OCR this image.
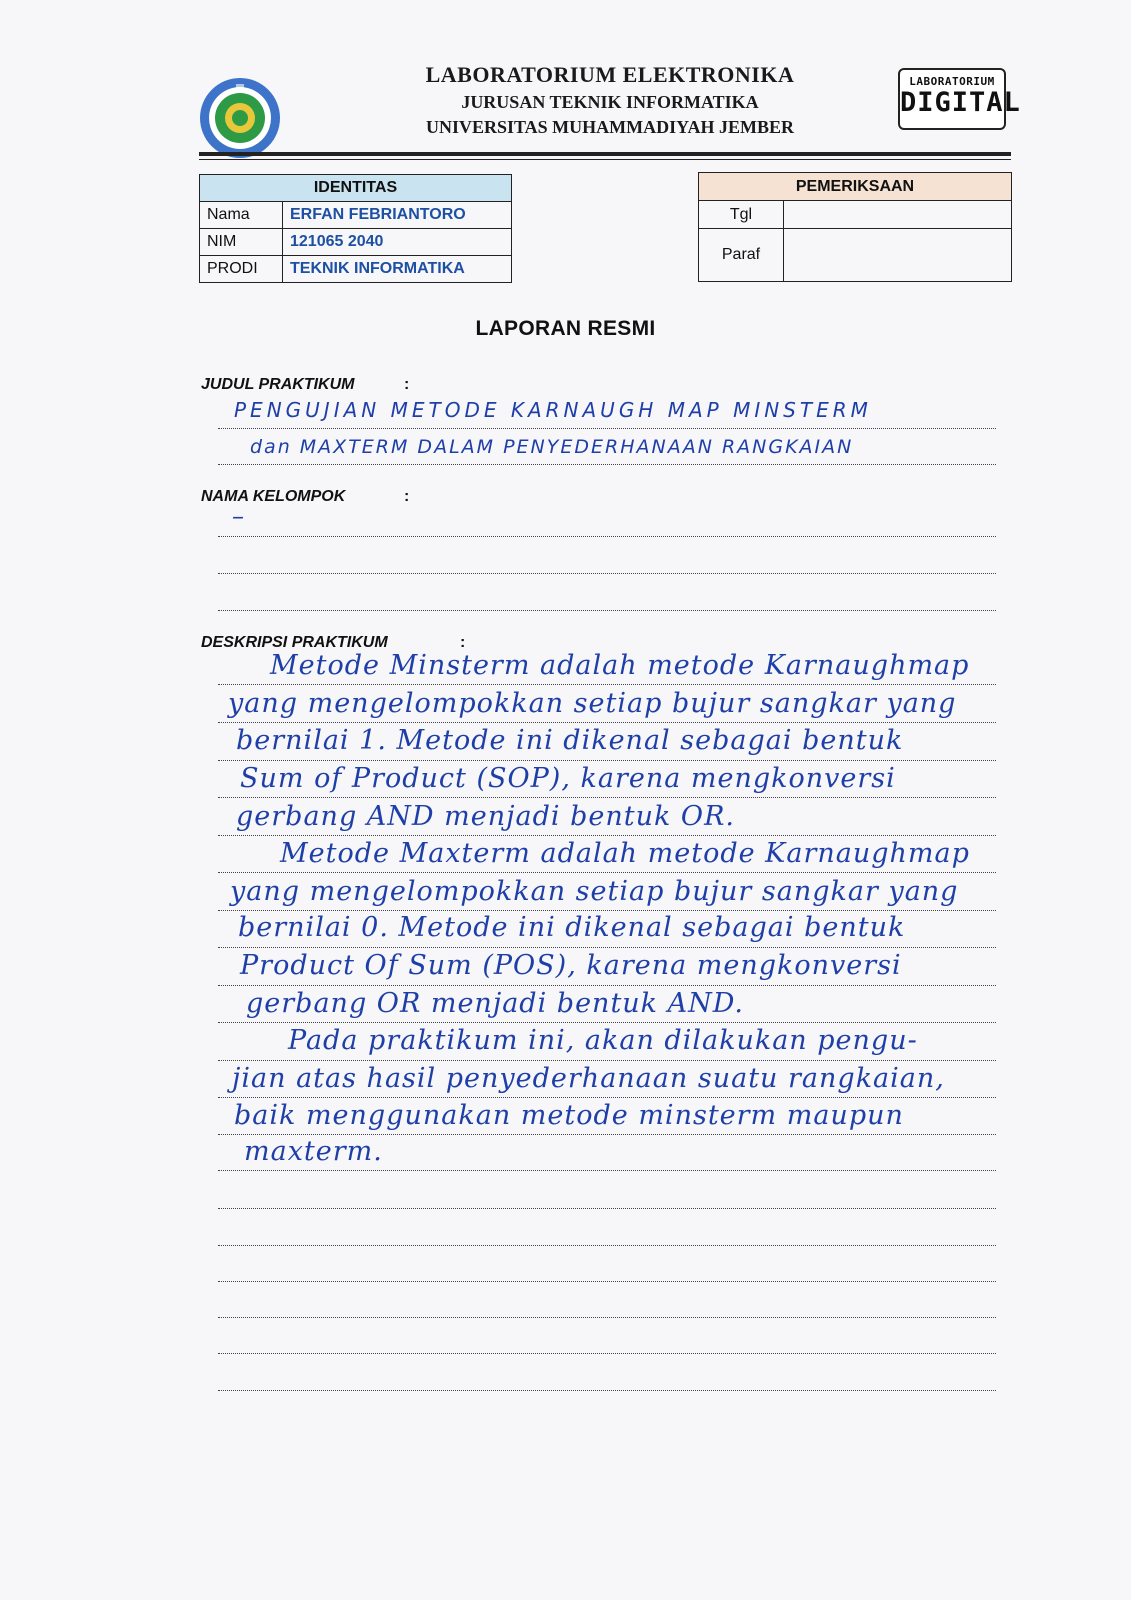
LABORATORIUM ELEKTRONIKA
JURUSAN TEKNIK INFORMATIKA
UNIVERSITAS MUHAMMADIYAH JEMBER
LABORATORIUM
DIGITAL
IDENTITAS	
Nama	ERFAN FEBRIANTORO
NIM	121065 2040
PRODI	TEKNIK INFORMATIKA
PEMERIKSAAN	
Tgl	
Paraf	
LAPORAN RESMI
JUDUL PRAKTIKUM	:
PENGUJIAN METODE KARNAUGH MAP MINSTERM
dan MAXTERM DALAM PENYEDERHANAAN RANGKAIAN
NAMA KELOMPOK	:
–
DESKRIPSI PRAKTIKUM	:
Metode Minsterm adalah metode Karnaughmap
yang mengelompokkan setiap bujur sangkar yang
bernilai 1. Metode ini dikenal sebagai bentuk
Sum of Product (SOP), karena mengkonversi
gerbang AND menjadi bentuk OR.
Metode Maxterm adalah metode Karnaughmap
yang mengelompokkan setiap bujur sangkar yang
bernilai 0. Metode ini dikenal sebagai bentuk
Product Of Sum (POS), karena mengkonversi
gerbang OR menjadi bentuk AND.
Pada praktikum ini, akan dilakukan pengu-
jian atas hasil penyederhanaan suatu rangkaian,
baik menggunakan metode minsterm maupun
maxterm.
